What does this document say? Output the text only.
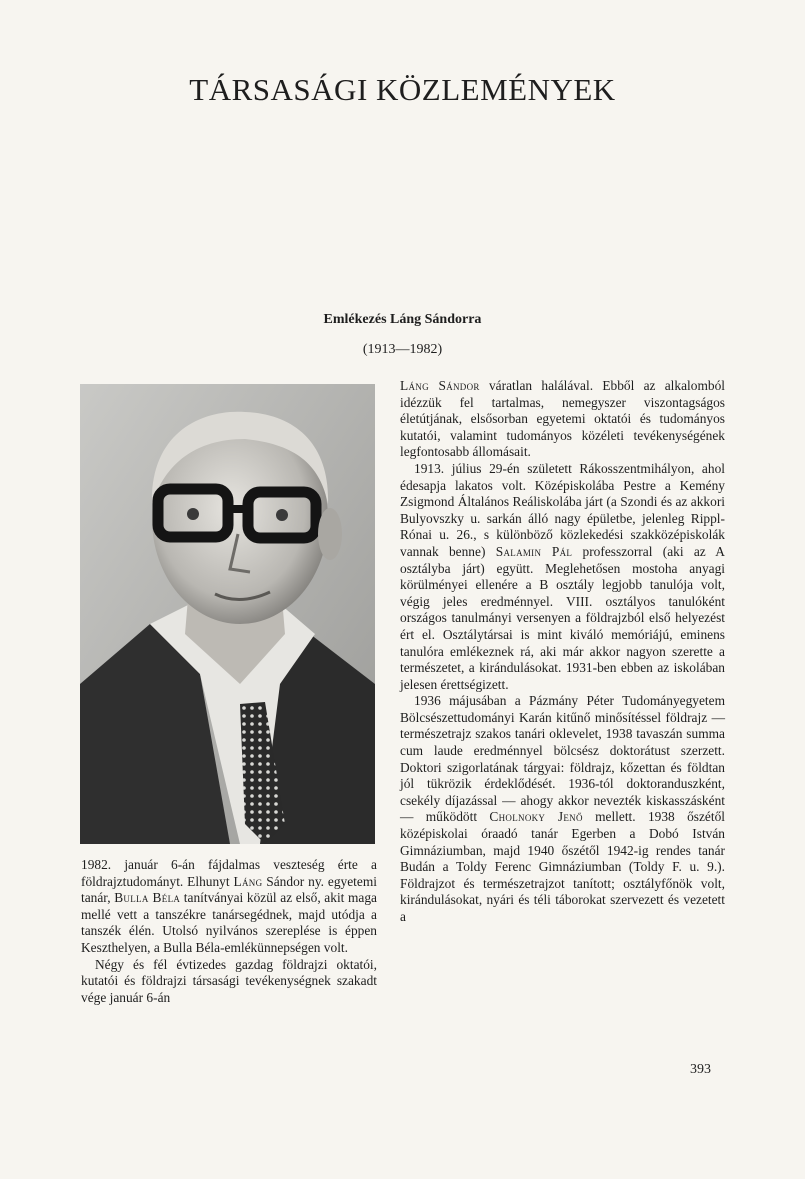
TÁRSASÁGI KÖZLEMÉNYEK
Emlékezés Láng Sándorra
(1913—1982)

1982. január 6-án fájdalmas veszteség érte a földrajztudományt. Elhunyt Láng Sándor ny. egyetemi tanár, Bulla Béla tanítványai közül az első, akit maga mellé vett a tanszékre tanársegédnek, majd utódja a tanszék élén. Utolsó nyilvános szereplése is éppen Keszthelyen, a Bulla Béla-emlékünnepségen volt.

Négy és fél évtizedes gazdag földrajzi oktatói, kutatói és földrajzi társasági tevékenységnek szakadt vége január 6-án

Láng Sándor váratlan halálával. Ebből az alkalomból idézzük fel tartalmas, nemegyszer viszontagságos életútjának, elsősorban egyetemi oktatói és tudományos kutatói, valamint tudományos közéleti tevékenységének legfontosabb állomásait.

1913. július 29-én született Rákosszentmihályon, ahol édesapja lakatos volt. Középiskolába Pestre a Kemény Zsigmond Általános Reáliskolába járt (a Szondi és az akkori Bulyovszky u. sarkán álló nagy épületbe, jelenleg Rippl-Rónai u. 26., s különböző közlekedési szakközépiskolák vannak benne) Salamin Pál professzorral (aki az A osztályba járt) együtt. Meglehetősen mostoha anyagi körülményei ellenére a B osztály legjobb tanulója volt, végig jeles eredménnyel. VIII. osztályos tanulóként országos tanulmányi versenyen a földrajzból első helyezést ért el. Osztálytársai is mint kiváló memóriájú, eminens tanulóra emlékeznek rá, aki már akkor nagyon szerette a természetet, a kirándulásokat. 1931-ben ebben az iskolában jelesen érettségizett.

1936 májusában a Pázmány Péter Tudományegyetem Bölcsészettudományi Karán kitűnő minősítéssel földrajz — természetrajz szakos tanári oklevelet, 1938 tavaszán summa cum laude eredménnyel bölcsész doktorátust szerzett. Doktori szigorlatának tárgyai: földrajz, kőzettan és földtan jól tükrözik érdeklődését. 1936-tól doktoranduszként, csekély díjazással — ahogy akkor nevezték kiskasszásként — működött Cholnoky Jenő mellett. 1938 őszétől középiskolai óraadó tanár Egerben a Dobó István Gimnáziumban, majd 1940 őszétől 1942-ig rendes tanár Budán a Toldy Ferenc Gimnáziumban (Toldy F. u. 9.). Földrajzot és természetrajzot tanított; osztályfőnök volt, kirándulásokat, nyári és téli táborokat szervezett és vezetett a

393
